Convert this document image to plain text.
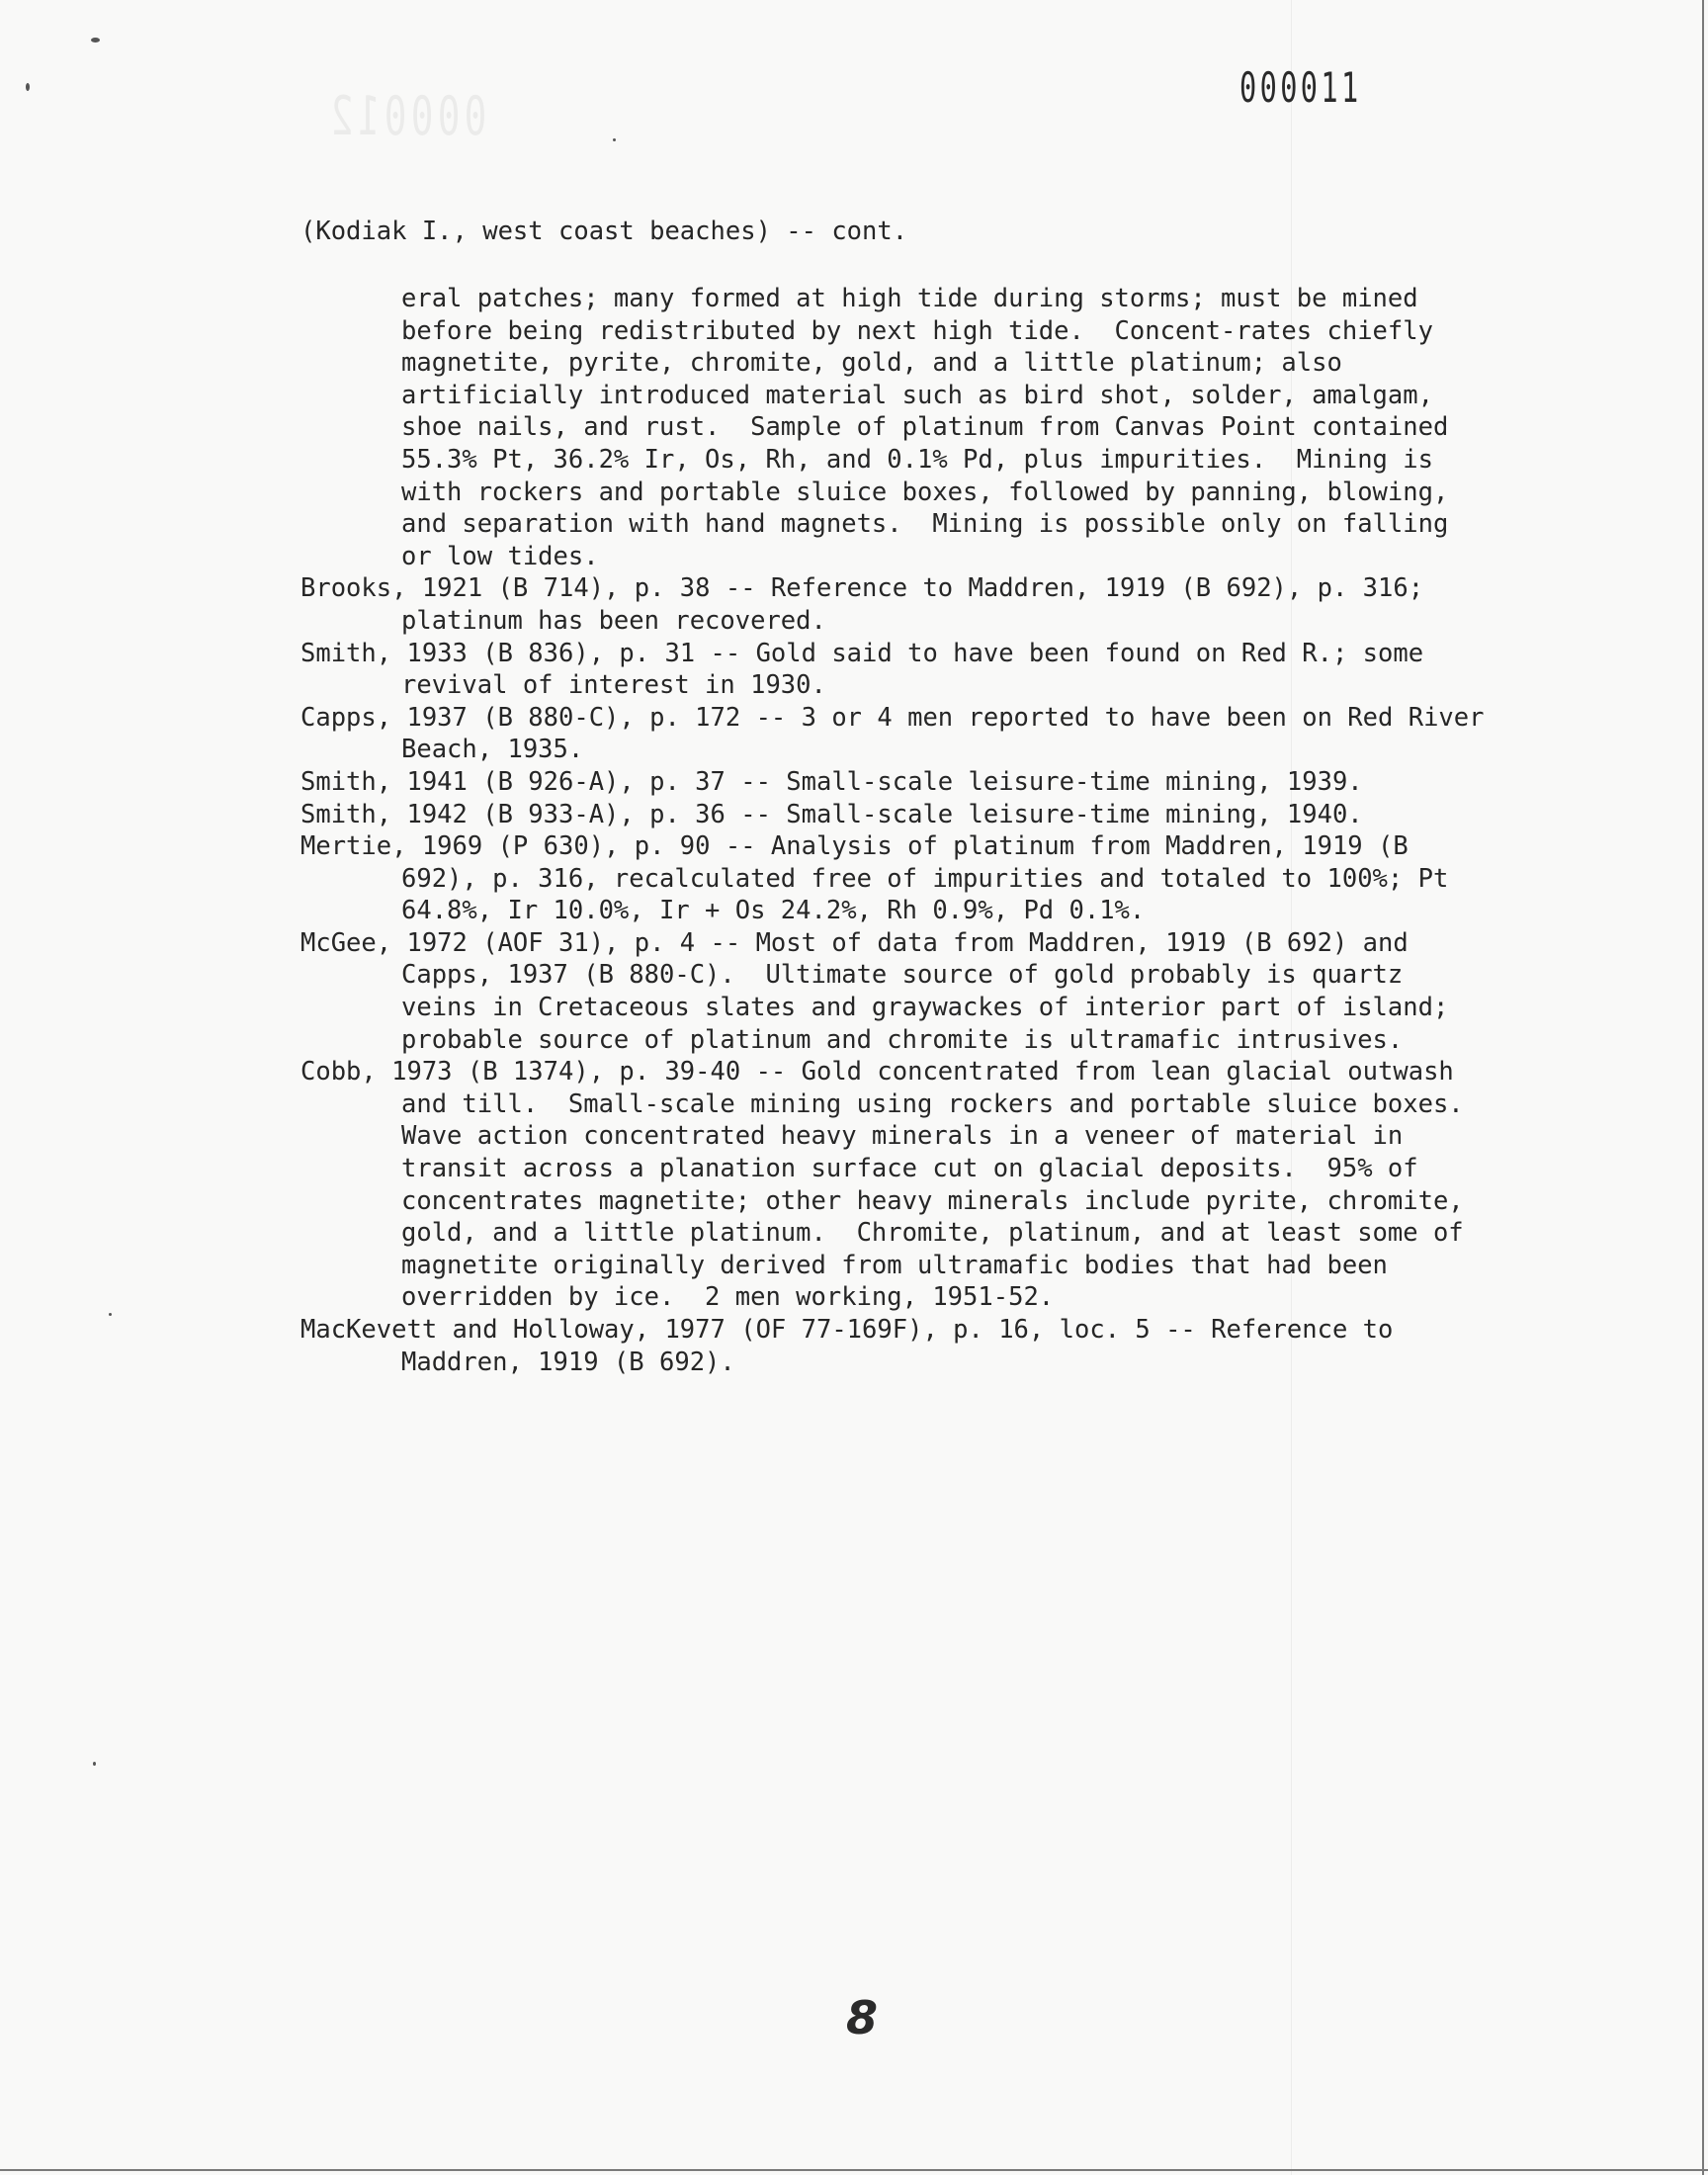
000012	000011
(Kodiak I., west coast beaches) -- cont.
eral patches; many formed at high tide during storms; must be mined before being redistributed by next high tide.  Concent-rates chiefly magnetite, pyrite, chromite, gold, and a little platinum; also artificially introduced material such as bird shot, solder, amalgam, shoe nails, and rust.  Sample of platinum from Canvas Point contained 55.3% Pt, 36.2% Ir, Os, Rh, and 0.1% Pd, plus impurities.  Mining is with rockers and portable sluice boxes, followed by panning, blowing, and separation with hand magnets.  Mining is possible only on falling or low tides.
Brooks, 1921 (B 714), p. 38 -- Reference to Maddren, 1919 (B 692), p. 316; platinum has been recovered.
Smith, 1933 (B 836), p. 31 -- Gold said to have been found on Red R.; some revival of interest in 1930.
Capps, 1937 (B 880-C), p. 172 -- 3 or 4 men reported to have been on Red River Beach, 1935.
Smith, 1941 (B 926-A), p. 37 -- Small-scale leisure-time mining, 1939.
Smith, 1942 (B 933-A), p. 36 -- Small-scale leisure-time mining, 1940.
Mertie, 1969 (P 630), p. 90 -- Analysis of platinum from Maddren, 1919 (B 692), p. 316, recalculated free of impurities and totaled to 100%; Pt 64.8%, Ir 10.0%, Ir + Os 24.2%, Rh 0.9%, Pd 0.1%.
McGee, 1972 (AOF 31), p. 4 -- Most of data from Maddren, 1919 (B 692) and Capps, 1937 (B 880-C).  Ultimate source of gold probably is quartz veins in Cretaceous slates and graywackes of interior part of island; probable source of platinum and chromite is ultramafic intrusives.
Cobb, 1973 (B 1374), p. 39-40 -- Gold concentrated from lean glacial outwash and till.  Small-scale mining using rockers and portable sluice boxes.  Wave action concentrated heavy minerals in a veneer of material in transit across a planation surface cut on glacial deposits.  95% of concentrates magnetite; other heavy minerals include pyrite, chromite, gold, and a little platinum.  Chromite, platinum, and at least some of magnetite originally derived from ultramafic bodies that had been overridden by ice.  2 men working, 1951-52.
MacKevett and Holloway, 1977 (OF 77-169F), p. 16, loc. 5 -- Reference to Maddren, 1919 (B 692).
8
